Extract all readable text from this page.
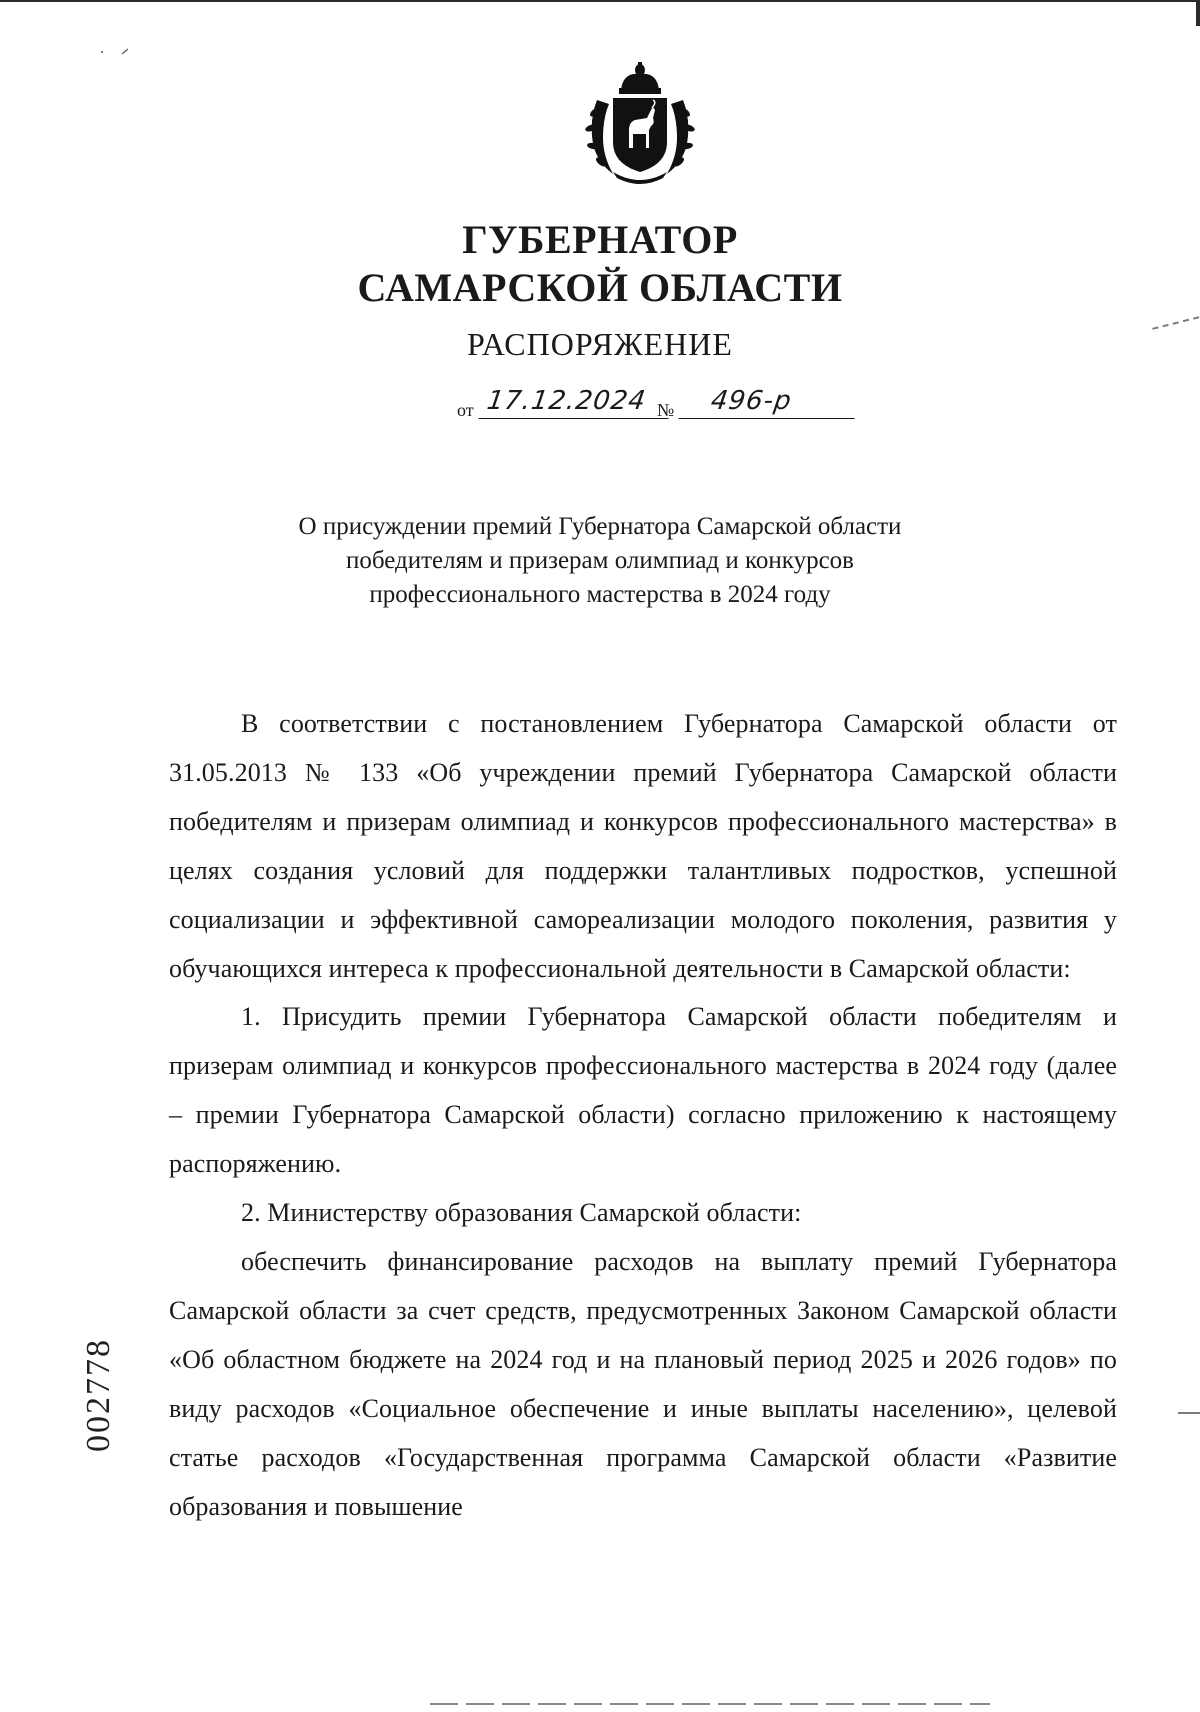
ГУБЕРНАТОР
САМАРСКОЙ ОБЛАСТИ
РАСПОРЯЖЕНИЕ
от 17.12.2024 №	496-р
О присуждении премий Губернатора Самарской области
победителям и призерам олимпиад и конкурсов
профессионального мастерства в 2024 году

В соответствии с постановлением Губернатора Самарской области от 31.05.2013 № 133 «Об учреждении премий Губернатора Самарской области победителям и призерам олимпиад и конкурсов профессионального мастерства» в целях создания условий для поддержки талантливых подростков, успешной социализации и эффективной самореализации молодого поколения, развития у обучающихся интереса к профессиональной деятельности в Самарской области:

1. Присудить премии Губернатора Самарской области победителям и призерам олимпиад и конкурсов профессионального мастерства в 2024 году (далее – премии Губернатора Самарской области) согласно приложению к настоящему распоряжению.

2. Министерству образования Самарской области:

обеспечить финансирование расходов на выплату премий Губернатора Самарской области за счет средств, предусмотренных Законом Самарской области «Об областном бюджете на 2024 год и на плановый период 2025 и 2026 годов» по виду расходов «Социальное обеспечение и иные выплаты населению», целевой статье расходов «Государственная программа Самарской области «Развитие образования и повышение

002778
